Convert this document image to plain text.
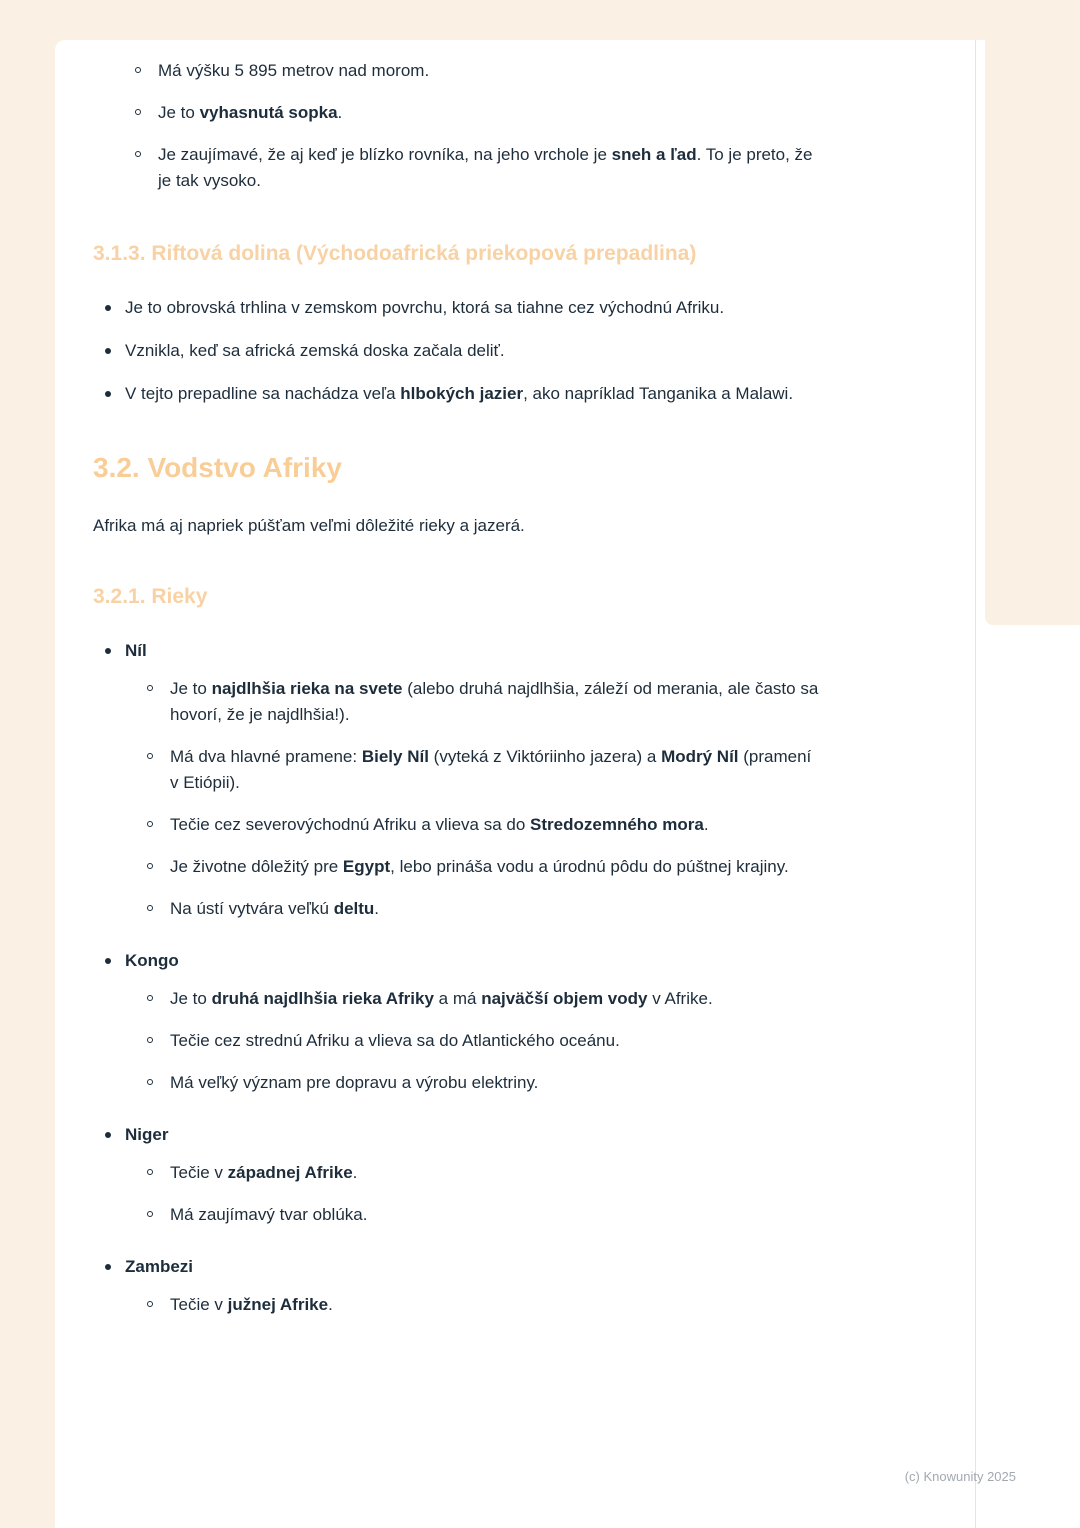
Má výšku 5 895 metrov nad morom.
Je to vyhasnutá sopka.
Je zaujímavé, že aj keď je blízko rovníka, na jeho vrchole je sneh a ľad. To je preto, že je tak vysoko.
3.1.3. Riftová dolina (Východoafrická priekopová prepadlina)
Je to obrovská trhlina v zemskom povrchu, ktorá sa tiahne cez východnú Afriku.
Vznikla, keď sa africká zemská doska začala deliť.
V tejto prepadline sa nachádza veľa hlbokých jazier, ako napríklad Tanganika a Malawi.
3.2. Vodstvo Afriky

Afrika má aj napriek púšťam veľmi dôležité rieky a jazerá.

3.2.1. Rieky
Níl
Je to najdlhšia rieka na svete (alebo druhá najdlhšia, záleží od merania, ale často sa hovorí, že je najdlhšia!).
Má dva hlavné pramene: Biely Níl (vyteká z Viktóriinho jazera) a Modrý Níl (pramení v Etiópii).
Tečie cez severovýchodnú Afriku a vlieva sa do Stredozemného mora.
Je životne dôležitý pre Egypt, lebo prináša vodu a úrodnú pôdu do púštnej krajiny.
Na ústí vytvára veľkú deltu.
Kongo
Je to druhá najdlhšia rieka Afriky a má najväčší objem vody v Afrike.
Tečie cez strednú Afriku a vlieva sa do Atlantického oceánu.
Má veľký význam pre dopravu a výrobu elektriny.
Niger
Tečie v západnej Afrike.
Má zaujímavý tvar oblúka.
Zambezi
Tečie v južnej Afrike.
(c) Knowunity 2025
